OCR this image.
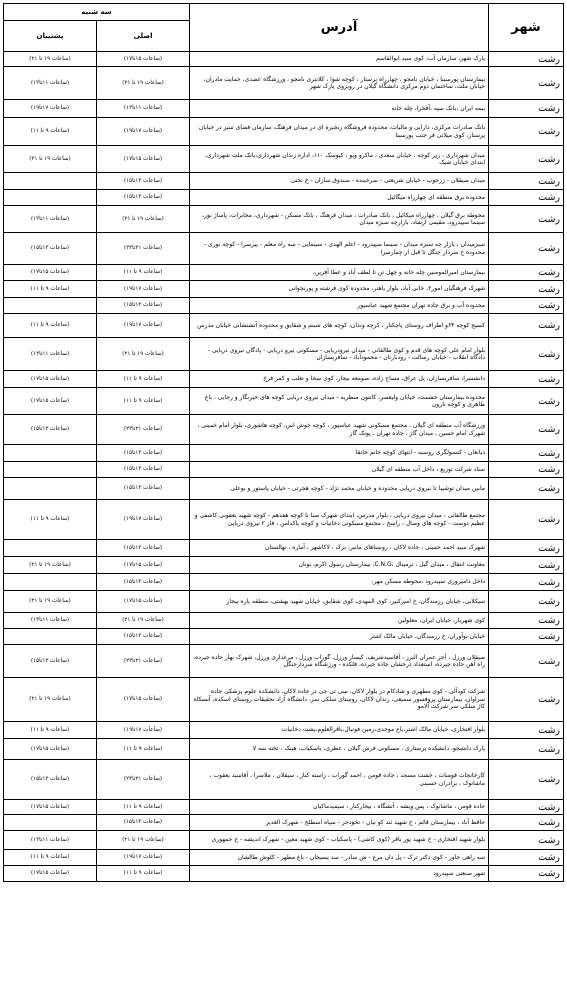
شهر	آدرس	سه شنبه	
		اصلی	پشتیبان
رشت	پارک شهر، سازمان آب، کوی سید ابوالقاسم	(ساعات ۱۵تا۱۷)	(ساعات ۱۹ تا ۲۱)
رشت	بیمارستان پورسینا ، خیابان نامجو ، چهارراه پرستار ، کوچه شوا ، کلانتری نامجو ، ورزشگاه عضدی، حمایت مادران، خیابان ملت، ساختمان دوم مرکزی دانشگاه گیلان در روبروی پارک شهر	(ساعات ۱۹ تا ۲۱)	(ساعات ۱۱تا۱۳)
رشت	بیمه ایران ،بانک سپه ،آفخرا، چله خانه	(ساعات ۱۱تا۱۳)	(ساعات ۱۷تا۱۹)
رشت	بانک صادرات مرکزی، دارایی و مالیات، محدوده فروشگاه زنجیره ای در میدان فرهنگ، سازمان فضای سبز در خیابان پرستار، کوی میلانی فر جنب پورسینا	(ساعات ۱۷تا۱۹)	(ساعات ۹ تا ۱۱)
رشت	میدان شهرداری ، زیر کوچه ، خیابان سعدی ، ماکرو ویو ، کیوسک ۱۱۰، اداره زندان شهرداری،بانک ملت شهرداری، ابتدای خیابان شیک	(ساعات ۱۵تا۱۷)	(ساعات ۱۹ تا ۲۱)
رشت	میدان صیقلان - زرجوب - خیابان شریعتی - سرخبنده - صندوق سازان - خ تختی	(ساعات ۱۳تا۱۵)	
رشت	محدوده برق منطقه ای چهارراه میگائیل	(ساعات ۱۳تا۱۵)	
رشت	محوطه برق گیلان ، چهارراه میکائیل ، بانک صادرات ، میدان فرهنگ ، بانک مسکن - شهرداری، مخابرات، پاساژ نور، سینما سپیدرود، مقیمی ارشاد، بازارچه سبزه میدان	(ساعات ۱۹ تا ۲۱)	(ساعات ۱۱تا۱۳)
رشت	سبزمیدان ، بازار چه سبزه میدان - سینما سپیدرود - اعلم الهدی - سینمایی - سه راه معلم - پیرسرا - کوچه نوری - محدوده خ سردار جنگل تا قبل از چمارسرا	(ساعات ۲۱تا۲۳)	(ساعات ۱۳تا۱۵)
رشت	بیمارستان امیرالمومنین چله خانه و چهل تن تا لطف آباد و عطا آفرین،	(ساعات ۹ تا ۱۱)	(ساعات ۱۵تا۱۷)
رشت	شهرک فرهنگیان امور۲، خانی آباد، بلوار باهنر، محدوده کوی فرشته و پورنجوانی	(ساعات ۱۷تا۱۹)	(ساعات ۹ تا ۱۱)
رشت	محدوده آب و برق جاده تهران مجتمع شهید عباسپور	(ساعات ۱۳تا۱۵)	
رشت	کسیج کوچه ۶۴و اطراف روستای پاچکنار ، کرچه ونذان، کوچه های شبنم و شقایق و محدوده آتشنشانی خیابان مدرس	(ساعات ۱۷تا۱۹)	(ساعات ۹ تا ۱۱)
رشت	بلوار امام علی کوچه های قدم و کوی طالقانی - میدان نیرودریایی - مسکونی نیرو دریایی - پادگان نیروی دریایی - دادگاه انقلاب - خیابان رسالت - رودبارتان - محمودآباد - سافربسازان	(ساعات ۱۹ تا ۲۱)	(ساعات ۱۱تا۱۳)
رشت	دانشسرا، سافربسازان، پل عراق، مساح زاده، صومعه بیجار، کوی سخا و تغلب و کمر فرخ	(ساعات ۹ تا ۱۱)	(ساعات ۱۵تا۱۷)
رشت	محدوده بیمارستان حشمت، خیابان ولیعصر، کانتون منظریه - میدان نیروی دریایی کوچه های خیرنگار و رجایی ، باغ طاهری و کوچه نارون	(ساعات ۹ تا ۱۱)	(ساعات ۱۵تا۱۷)
رشت	ورزشگاه آب منطقه ای گیلان ، مجتمع مسکونی شهید عباسپور ، کوچه خوش اس، کوچه هاشوری، بلوار امام خمینی ، شهرک امام حسین ، میدان گاز ، جاده تهران ، پونک گاز	(ساعات ۲۱تا۲۳)	(ساعات ۱۳تا۱۵)
رشت	دیانغان - کنسولگری روسیه - انتهای کوچه خانم خانقا	(ساعات ۱۳تا۱۵)	
رشت	ستاد شرکت توزیع ، داخل آب منطقه ای گیلان	(ساعات ۱۳تا۱۵)	
رشت	مابین میدان توشیبا تا نیروی دریایی محدوده و خیابان محمد نژاد - کوچه هجرتی - خیابان پاستور و بوعلی	(ساعات ۱۳تا۱۵)	
رشت	مجتمع طالقانی ، میدان نیروی دریایی ، بلوار مدرس، ابتدای شهرک صبا تا کوچه هفدهم - کوچه شهید یعقوبی کاشفی و عظیم دوست - کوچه های وصال ، راسخ ، مجتمع مسکونی دخانیات و کوچه پاکدامن ، فاز ۲ نیروی دریایی	(ساعات ۱۷تا۱۹)	(ساعات ۹ تا ۱۱)
رشت	شهرک سید احمد خمینی ، جاده لاکان ، روستاهای مانبر، برک ، لاکاشهر ، آماره ، نهالستان	(ساعات ۱۳تا۱۵)	
رشت	معاونت انتقال ، میدان گیل ، ترمینال ،C.N.G، بیمارستان رسول اکرم، بونان	(ساعات ۱۵تا۱۷)	(ساعات ۱۹ تا ۲۱)
رشت	داخل دامپروری سپیدرود ،محوطه مسکن مهر،	(ساعات ۱۳تا۱۵)	
رشت	سیکلابی، خیابان رزمندگان، خ امیرکبیر، کوی المهدی، کوی شقایق، خیابان شهید بهشتی، منطقه پاره بیجار	(ساعات ۱۵تا۱۷)	(ساعات ۱۹ تا ۲۱)
رشت	کوی شهریار، خیابان ایران، معلولین	(ساعات ۱۹ تا ۲۱)	(ساعات ۱۱تا۱۳)
رشت	خیابان نوآوران، خ رزمندگان، خیابان مالک اشتر	(ساعات ۱۳تا۱۵)	
رشت	صیقلان ورزل ، آجر عمران البرز ، آقاسیدشریف، کیسار ورزل، گوراب ورزل ، مرغداری ورزل، شهرک بهار جاده جیرده، راه آهن جاده جیرده، استعداد درخشان جاده جیرده، فلکده - ورزشگاه سردارجنگل	(ساعات ۲۱تا۲۳)	(ساعات ۱۳تا۱۵)
رشت	شرکت کودآلی - کوی مطهری و شادکام در بلوار لاکان، سی تی جی در جاده لاکان، دانشکده علوم پزشکی جاده سراوان، بیمارستان پروفسور سمیعی، زندان لاکان، روستای سلکی سر، دانشگاه آزاد تحقیقات روستای اسکده، آبسکاه کاژ سلکی سر شرکت آلامو	(ساعات ۱۵تا۱۷)	(ساعات ۱۹ تا ۲۱)
رشت	بلوار افتخاری، خیابان مالک اشتر،باغ موحدی،زمین فوتبال،باقرالعلوم،پشت دخانیات	(ساعات ۱۷تا۱۹)	(ساعات ۹ تا ۱۱)
رشت	پارک دانشجو، دانشکده پرستاری ، مسکونی فرش گیلان ، عطری، باسکیاب، هینک ، تخته سه لا	(ساعات ۹ تا ۱۱)	(ساعات ۱۵تا۱۷)
رشت	کارخانجات قومنات ، خشت مسجد ، جاده قومن ، احمد گوراب ، راسته کنار ، سیقلان ، ملاسرا ، آقاسید یعقوب ، ماشاتوک ، برادران حسینی	(ساعات ۲۱تا۲۳)	(ساعات ۱۳تا۱۵)
رشت	جاده فومن ، ماشانوک ، پس ویشه ، آتشگاه ، بیجارکنار ، سیمیدماکیان	(ساعات ۹ تا ۱۱)	(ساعات ۱۵تا۱۷)
رشت	حافظ آباد ، بیمارستان قائم ، خ شهید ثند کو نیان - تخودجر - سپاه اسطلخ - شهرک الغدیر	(ساعات ۱۳تا۱۵)	
رشت	بلوار شهید افتخاری - خ شهید پور باقر (کوی کاشی) - پاسکیاب - کوی شهید معین - شهرک اندیشه - خ جمهوری	(ساعات ۱۹ تا ۲۱)	(ساعات ۱۱تا۱۳)
رشت	سه راهی خاور - کوی دکتر ترک - پل دان مرغ - ش سادر - سد پسیخان - باغ مطهر - کلوش طالشان	(ساعات ۱۷تا۱۹)	(ساعات ۹ تا ۱۱)
رشت	شهر صنعتی سپیدرود	(ساعات ۹ تا ۱۱)	(ساعات ۱۵تا۱۷)
